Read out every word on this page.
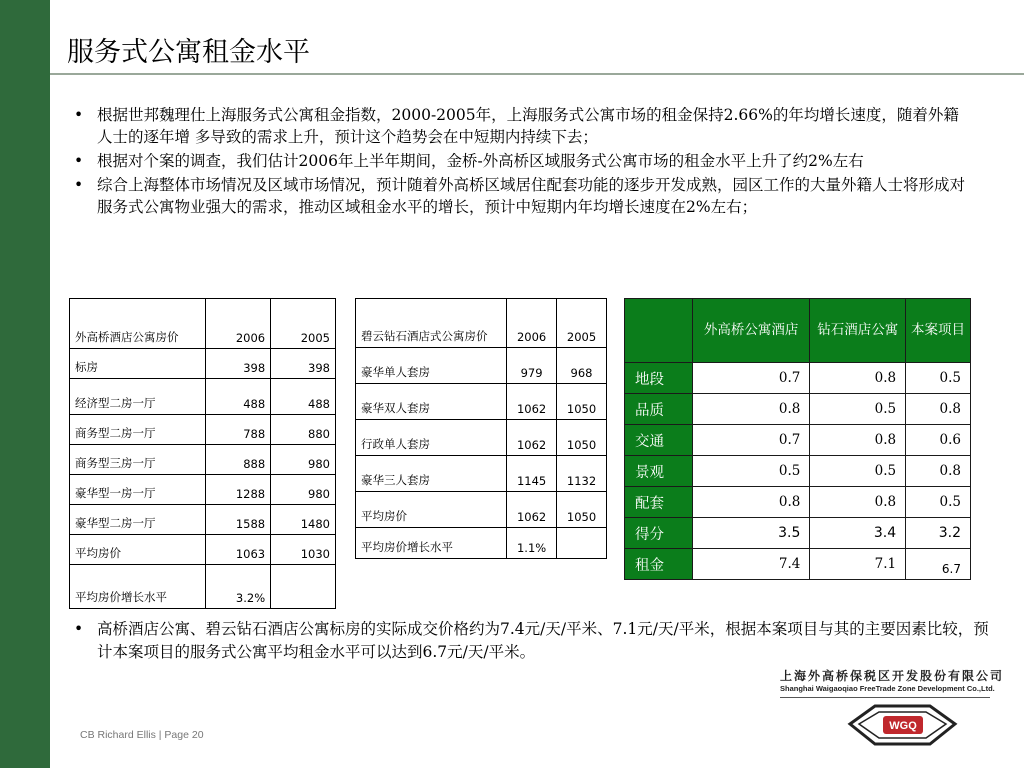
服务式公寓租金水平
• 根据世邦魏理仕上海服务式公寓租金指数，2000-2005年，上海服务式公寓市场的租金保持2.66%的年均增长速度，随着外籍人士的逐年增 多导致的需求上升，预计这个趋势会在中短期内持续下去；
• 根据对个案的调查，我们估计2006年上半年期间，金桥-外高桥区域服务式公寓市场的租金水平上升了约2%左右
• 综合上海整体市场情况及区域市场情况，预计随着外高桥区域居住配套功能的逐步开发成熟，园区工作的大量外籍人士将形成对服务式公寓物业强大的需求，推动区域租金水平的增长，预计中短期内年均增长速度在2%左右；
外高桥酒店公寓房价	2006	2005
标房	398	398
经济型二房一厅	488	488
商务型二房一厅	788	880
商务型三房一厅	888	980
豪华型一房一厅	1288	980
豪华型二房一厅	1588	1480
平均房价	1063	1030
平均房价增长水平	3.2%	
碧云钻石酒店式公寓房价	2006	2005
豪华单人套房	979	968
豪华双人套房	1062	1050
行政单人套房	1062	1050
豪华三人套房	1145	1132
平均房价	1062	1050
平均房价增长水平	1.1%	
	外高桥公寓酒店	钻石酒店公寓	本案项目
地段	0.7	0.8	0.5
品质	0.8	0.5	0.8
交通	0.7	0.8	0.6
景观	0.5	0.5	0.8
配套	0.8	0.8	0.5
得分	3.5	3.4	3.2
租金	7.4	7.1	6.7
• 高桥酒店公寓、碧云钻石酒店公寓标房的实际成交价格约为7.4元/天/平米、7.1元/天/平米，根据本案项目与其的主要因素比较，预计本案项目的服务式公寓平均租金水平可以达到6.7元/天/平米。
上海外高桥保税区开发股份有限公司
Shanghai Waigaoqiao FreeTrade Zone Development Co.,Ltd.
WGQ
CB Richard Ellis | Page 20
